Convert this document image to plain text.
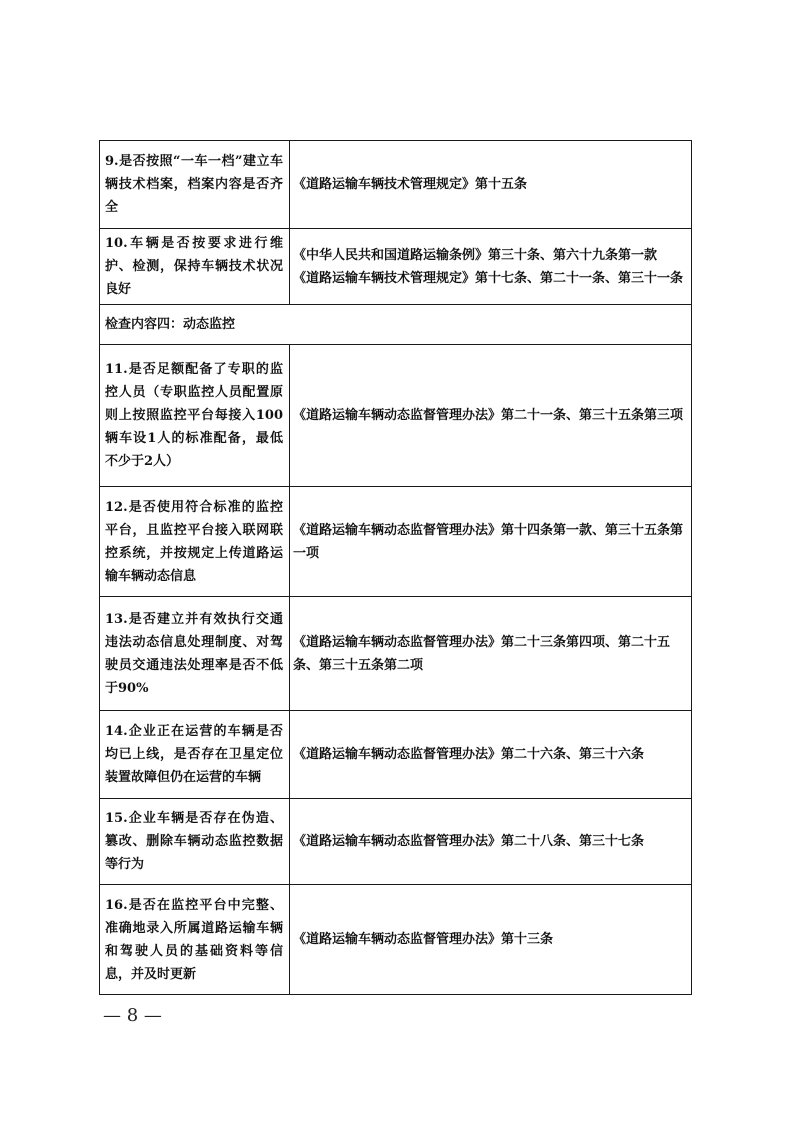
9.是否按照“一车一档”建立车辆技术档案，档案内容是否齐全	《道路运输车辆技术管理规定》第十五条
10.车辆是否按要求进行维护、检测，保持车辆技术状况良好	《中华人民共和国道路运输条例》第三十条、第六十九条第一款
《道路运输车辆技术管理规定》第十七条、第二十一条、第三十一条

检查内容四：动态监控	
11.是否足额配备了专职的监控人员（专职监控人员配置原则上按照监控平台每接入100辆车设1人的标准配备，最低不少于2人）	《道路运输车辆动态监督管理办法》第二十一条、第三十五条第三项
12.是否使用符合标准的监控平台，且监控平台接入联网联控系统，并按规定上传道路运输车辆动态信息	《道路运输车辆动态监督管理办法》第十四条第一款、第三十五条第一项
13.是否建立并有效执行交通违法动态信息处理制度、对驾驶员交通违法处理率是否不低于90%	《道路运输车辆动态监督管理办法》第二十三条第四项、第二十五条、第三十五条第二项
14.企业正在运营的车辆是否均已上线，是否存在卫星定位装置故障但仍在运营的车辆	《道路运输车辆动态监督管理办法》第二十六条、第三十六条
15.企业车辆是否存在伪造、篡改、删除车辆动态监控数据等行为	《道路运输车辆动态监督管理办法》第二十八条、第三十七条
16.是否在监控平台中完整、准确地录入所属道路运输车辆和驾驶人员的基础资料等信息，并及时更新	《道路运输车辆动态监督管理办法》第十三条
— 8 —
